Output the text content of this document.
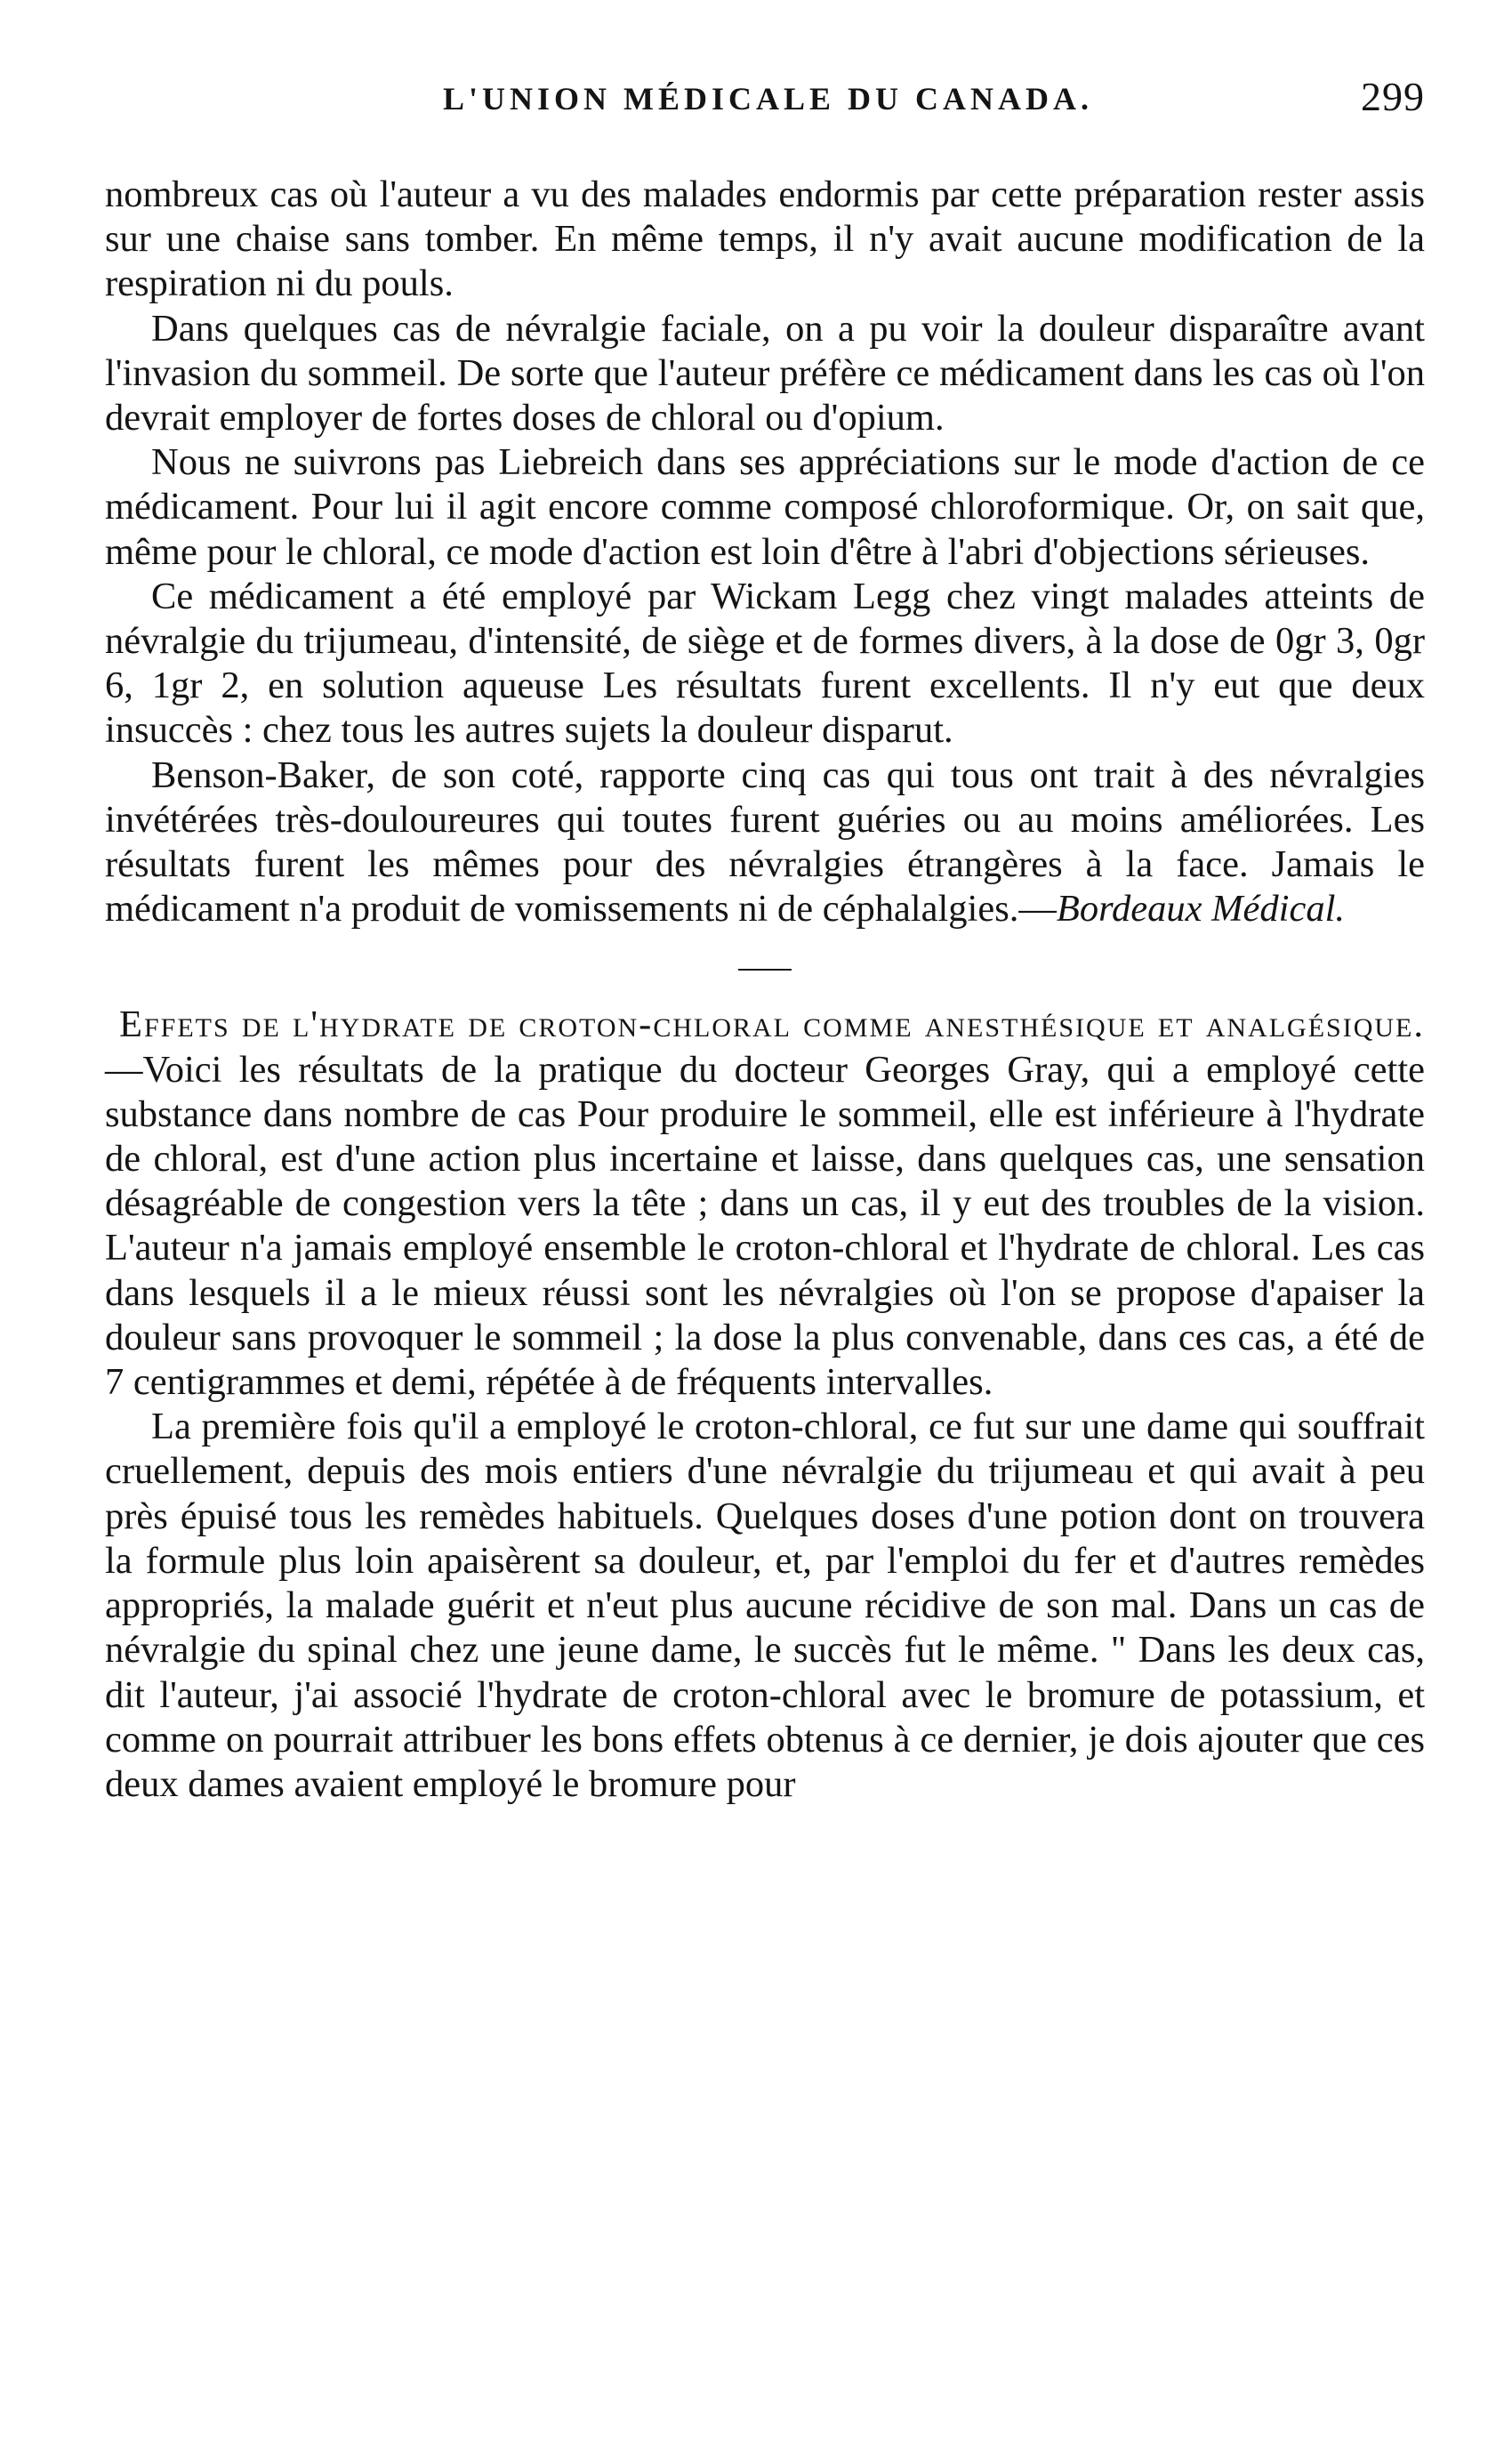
L'UNION MÉDICALE DU CANADA.	299

nombreux cas où l'auteur a vu des malades endormis par cette préparation rester assis sur une chaise sans tomber. En même temps, il n'y avait aucune modification de la respiration ni du pouls.

Dans quelques cas de névralgie faciale, on a pu voir la douleur disparaître avant l'invasion du sommeil. De sorte que l'auteur préfère ce médicament dans les cas où l'on devrait employer de fortes doses de chloral ou d'opium.

Nous ne suivrons pas Liebreich dans ses appréciations sur le mode d'action de ce médicament. Pour lui il agit encore comme composé chloroformique. Or, on sait que, même pour le chloral, ce mode d'action est loin d'être à l'abri d'objections sérieuses.

Ce médicament a été employé par Wickam Legg chez vingt malades atteints de névralgie du trijumeau, d'intensité, de siège et de formes divers, à la dose de 0gr 3, 0gr 6, 1gr 2, en solution aqueuse Les résultats furent excellents. Il n'y eut que deux insuccès : chez tous les autres sujets la douleur disparut.

Benson-Baker, de son coté, rapporte cinq cas qui tous ont trait à des névralgies invétérées très-douloureures qui toutes furent guéries ou au moins améliorées. Les résultats furent les mêmes pour des névralgies étrangères à la face. Jamais le médicament n'a produit de vomissements ni de céphalalgies.—Bordeaux Médical.

Effets de l'hydrate de croton-chloral comme anesthésique et analgésique.—Voici les résultats de la pratique du docteur Georges Gray, qui a employé cette substance dans nombre de cas Pour produire le sommeil, elle est inférieure à l'hydrate de chloral, est d'une action plus incertaine et laisse, dans quelques cas, une sensation désagréable de congestion vers la tête ; dans un cas, il y eut des troubles de la vision. L'auteur n'a jamais employé ensemble le croton-chloral et l'hydrate de chloral. Les cas dans lesquels il a le mieux réussi sont les névralgies où l'on se propose d'apaiser la douleur sans provoquer le sommeil ; la dose la plus convenable, dans ces cas, a été de 7 centigrammes et demi, répétée à de fréquents intervalles.

La première fois qu'il a employé le croton-chloral, ce fut sur une dame qui souffrait cruellement, depuis des mois entiers d'une névralgie du trijumeau et qui avait à peu près épuisé tous les remèdes habituels. Quelques doses d'une potion dont on trouvera la formule plus loin apaisèrent sa douleur, et, par l'emploi du fer et d'autres remèdes appropriés, la malade guérit et n'eut plus aucune récidive de son mal. Dans un cas de névralgie du spinal chez une jeune dame, le succès fut le même. " Dans les deux cas, dit l'auteur, j'ai associé l'hydrate de croton-chloral avec le bromure de potassium, et comme on pourrait attribuer les bons effets obtenus à ce dernier, je dois ajouter que ces deux dames avaient employé le bromure pour
